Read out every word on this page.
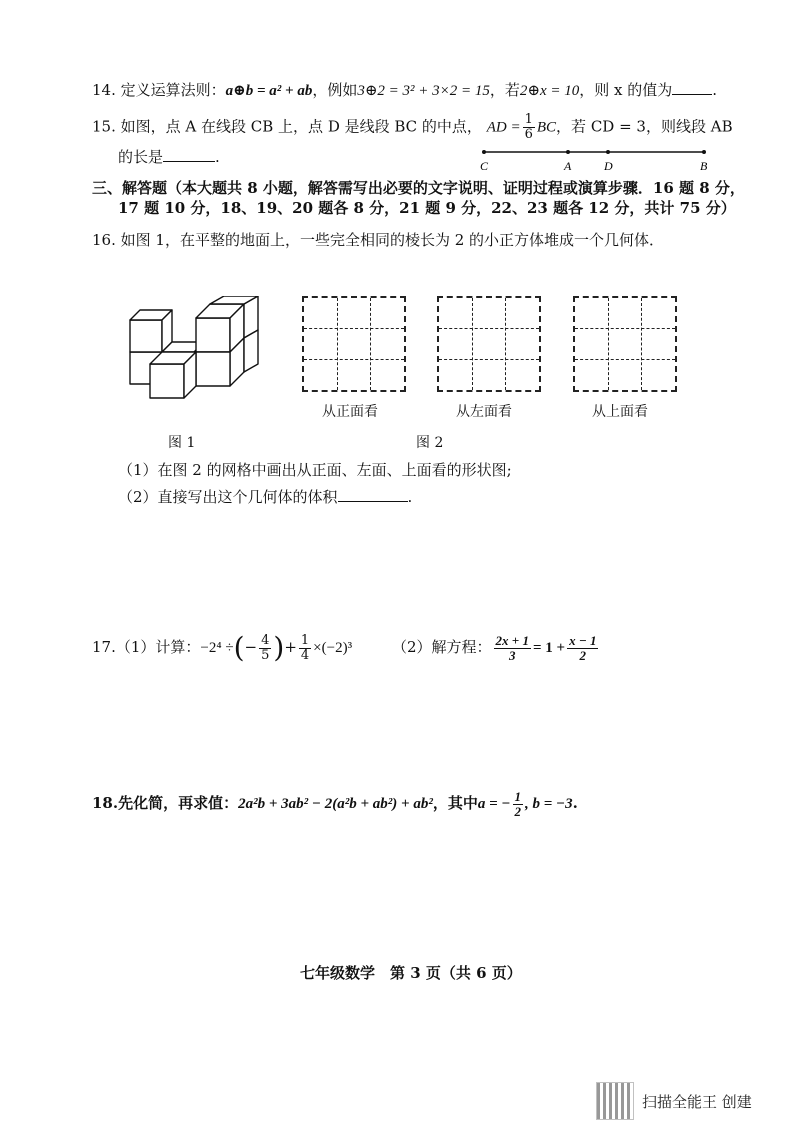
14. 定义运算法则：a⊕b = a² + ab，例如3⊕2 = 3² + 3×2 = 15，若2⊕x = 10，则 x 的值为	.
15. 如图，点 A 在线段 CB 上，点 D 是线段 BC 的中点， AD = $\frac{1}{6}$ BC，若 CD = 3，则线段 AB
的长是	.	C	A	D	B
三、解答题（本大题共 8 小题，解答需写出必要的文字说明、证明过程或演算步骤．16 题 8 分，
17 题 10 分，18、19、20 题各 8 分，21 题 9 分，22、23 题各 12 分，共计 75 分）
16. 如图 1，在平整的地面上，一些完全相同的棱长为 2 的小正方体堆成一个几何体．
从正面看	从左面看	从上面看
图 1	图 2
（1）在图 2 的网格中画出从正面、左面、上面看的形状图;
（2）直接写出这个几何体的体积	.
17.（1）计算：−2⁴ ÷(− $\frac{4}{5}$ )+ $\frac{1}{4} \times(-2)^3$	（2）解方程： $\frac{2x + 1}{3} = 1 + \frac{x - 1}{2}$
18.先化简，再求值：2a²b + 3ab² − 2(a²b + ab²) + ab²，其中a = − $\frac{1}{2}$ , b = −3.
七年级数学　第 3 页（共 6 页）
扫描全能王 创建
